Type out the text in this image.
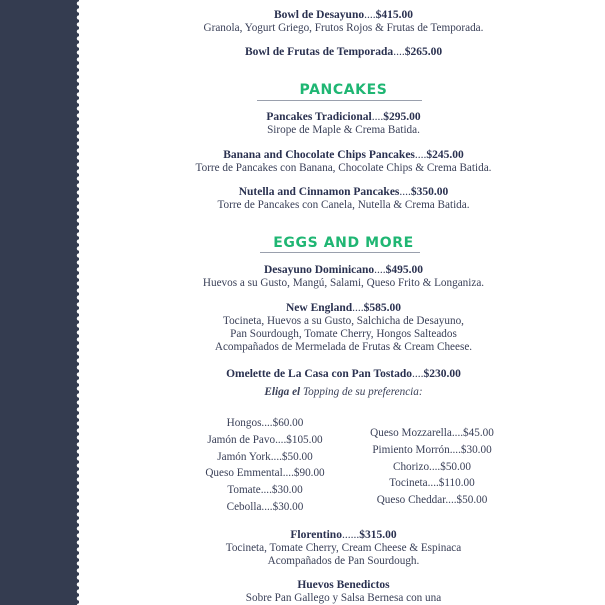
Bowl de Desayuno....$415.00
Granola, Yogurt Griego, Frutos Rojos & Frutas de Temporada.
Bowl de Frutas de Temporada....$265.00
PANCAKES
Pancakes Tradicional....$295.00
Sirope de Maple & Crema Batida.
Banana and Chocolate Chips Pancakes....$245.00
Torre de Pancakes con Banana, Chocolate Chips & Crema Batida.
Nutella and Cinnamon Pancakes....$350.00
Torre de Pancakes con Canela, Nutella & Crema Batida.
EGGS AND MORE
Desayuno Dominicano....$495.00
Huevos a su Gusto, Mangú, Salami, Queso Frito & Longaniza.
New England....$585.00
Tocineta, Huevos a su Gusto, Salchicha de Desayuno,
Pan Sourdough, Tomate Cherry, Hongos Salteados
Acompañados de Mermelada de Frutas & Cream Cheese.
Omelette de La Casa con Pan Tostado....$230.00
Eliga el Topping de su preferencia:
Hongos....$60.00
Jamón de Pavo....$105.00
Jamón York....$50.00
Queso Emmental....$90.00
Tomate....$30.00
Cebolla....$30.00
Queso Mozzarella....$45.00
Pimiento Morrón....$30.00
Chorizo....$50.00
Tocineta....$110.00
Queso Cheddar....$50.00
Florentino......$315.00
Tocineta, Tomate Cherry, Cream Cheese & Espinaca
Acompañados de Pan Sourdough.
Huevos Benedictos
Sobre Pan Gallego y Salsa Bernesa con una
